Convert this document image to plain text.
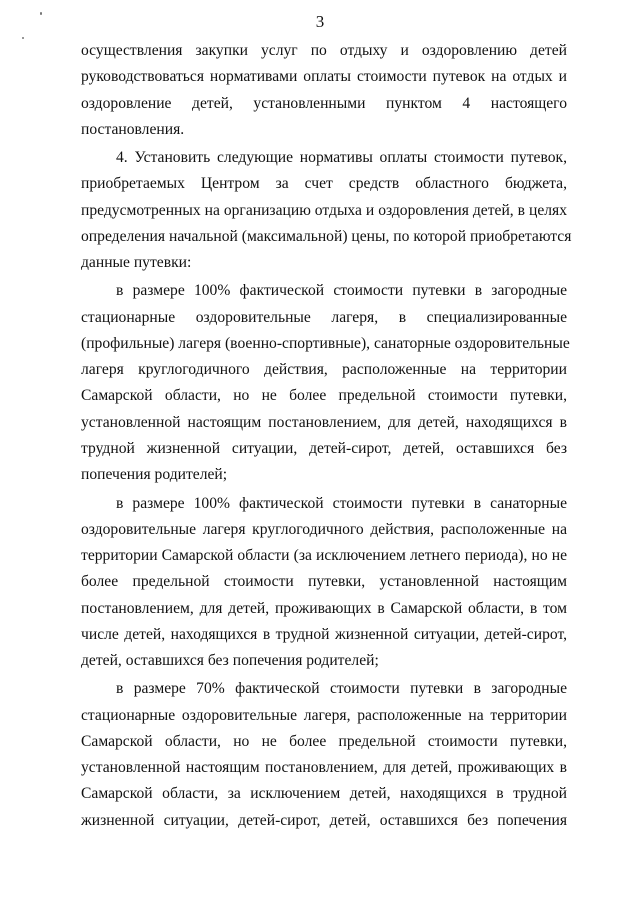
3
осуществления закупки услуг по отдыху и оздоровлению детей
руководствоваться нормативами оплаты стоимости путевок на отдых и
оздоровление детей, установленными пунктом 4 настоящего
постановления.
4. Установить следующие нормативы оплаты стоимости путевок,
приобретаемых Центром за счет средств областного бюджета,
предусмотренных на организацию отдыха и оздоровления детей, в целях
определения начальной (максимальной) цены, по которой приобретаются
данные путевки:
в размере 100% фактической стоимости путевки в загородные
стационарные оздоровительные лагеря, в специализированные
(профильные) лагеря (военно-спортивные), санаторные оздоровительные
лагеря круглогодичного действия, расположенные на территории
Самарской области, но не более предельной стоимости путевки,
установленной настоящим постановлением, для детей, находящихся в
трудной жизненной ситуации, детей-сирот, детей, оставшихся без
попечения родителей;
в размере 100% фактической стоимости путевки в санаторные
оздоровительные лагеря круглогодичного действия, расположенные на
территории Самарской области (за исключением летнего периода), но не
более предельной стоимости путевки, установленной настоящим
постановлением, для детей, проживающих в Самарской области, в том
числе детей, находящихся в трудной жизненной ситуации, детей-сирот,
детей, оставшихся без попечения родителей;
в размере 70% фактической стоимости путевки в загородные
стационарные оздоровительные лагеря, расположенные на территории
Самарской области, но не более предельной стоимости путевки,
установленной настоящим постановлением, для детей, проживающих в
Самарской области, за исключением детей, находящихся в трудной
жизненной ситуации, детей-сирот, детей, оставшихся без попечения
